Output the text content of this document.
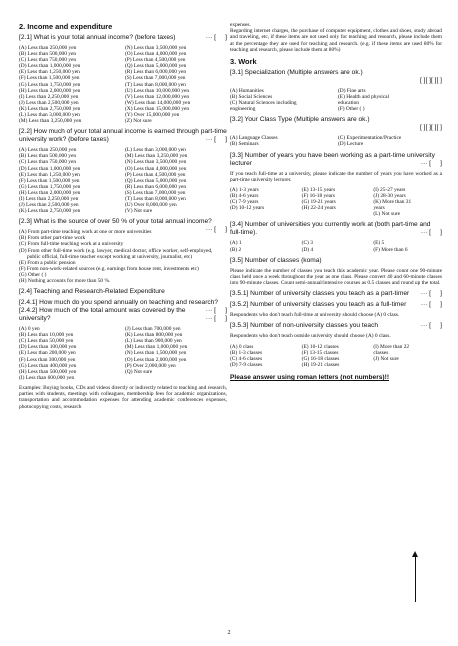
2. Income and expenditure
[2.1] What is your total annual income? (before taxes)	··· [     ]
(A) Less than 250,000 yen	(N) Less than 3,500,000 yen
(B) Less than 500,000 yen	(O) Less than 4,000,000 yen
(C) Less than 750,000 yen	(P) Less than 4,500,000 yen
(D) Less than 1,000,000 yen	(Q) Less than 5,000,000 yen
(E) Less than 1,250,000 yen	(R) Less than 6,000,000 yen
(F) Less than 1,500,000 yen	(S) Less than 7,000,000 yen
(G) Less than 1,750,000 yen	(T) Less than 8,000,000 yen
(H) Less than 2,000,000 yen	(U) Less than 10,000,000 yen
(I) Less than 2,250,000 yen	(V) Less than 12,000,000 yen
(J) Less than 2,500,000 yen	(W) Less than 14,000,000 yen
(K) Less than 2,750,000 yen	(X) Less than 15,000,000 yen
(L) Less than 3,000,000 yen	(Y) Over 15,000,000 yen
(M) Less than 3,250,000 yen	(Z) Not sure
[2.2] How much of your total annual income is earned through part-time university work? (before taxes)	··· [     ]
(A) Less than 250,000 yen	(L) Less than 3,000,000 yen
(B) Less than 500,000 yen	(M) Less than 3,250,000 yen
(C) Less than 750,000 yen	(N) Less than 3,500,000 yen
(D) Less than 1,000,000 yen	(O) Less than 4,000,000 yen
(E) Less than 1,250,000 yen	(P) Less than 4,500,000 yen
(F) Less than 1,500,000 yen	(Q) Less than 5,000,000 yen
(G) Less than 1,750,000 yen	(R) Less than 6,000,000 yen
(H) Less than 2,000,000 yen	(S) Less than 7,000,000 yen
(I) Less than 2,250,000 yen	(T) Less than 8,000,000 yen
(J) Less than 2,500,000 yen	(U) Over 8,000,000 yen
(K) Less than 2,750,000 yen	(V) Not sure
[2.3] What is the source of over 50 % of your total annual income?
··· [     ]
(A) From part-time teaching work at one or more universities
(B) From other part-time work
(C) From full-time teaching work at a university
(D) From other full-time work (e.g. lawyer, medical doctor, office worker, self-employed, public official, full-time teacher except working at university, journalist, etc)
(E) From a public pension
(F) From non-work-related sources (e.g. earnings from house rent, investments etc)
(G) Other ( )
(H) Nothing accounts for more than 50 %.
[2.4] Teaching and Research-Related Expenditure
[2.4.1] How much do you spend annually on teaching and research?
··· [     ]
[2.4.2] How much of the total amount was covered by the university?	··· [     ]
(A) 0 yen	(J) Less than 700,000 yen
(B) Less than 10,000 yen	(K) Less than 800,000 yen
(C) Less than 50,000 yen	(L) Less than 900,000 yen
(D) Less than 100,000 yen	(M) Less than 1,000,000 yen
(E) Less than 200,000 yen	(N) Less than 1,500,000 yen
(F) Less than 300,000 yen	(O) Less than 2,000,000 yen
(G) Less than 400,000 yen	(P) Over 2,000,000 yen
(H) Less than 500,000 yen	(Q) Not sure
(I) Less than 600,000 yen
Examples: Buying books, CDs and videos directly or indirectly related to teaching and research, parties with students, meetings with colleagues, membership fees for academic organizations, transportation and accommodation expenses for attending academic conferences expenses, photocopying costs, research
expenses.
Regarding internet charges, the purchase of computer equipment, clothes and shoes, study abroad and traveling, etc, if these items are not used only for teaching and research, please include them at the percentage they are used for teaching and research. (e.g. if these items are used 80% for teaching and research, please include them at 80%)
3. Work
[3.1] Specialization (Multiple answers are ok.)
[ ][ ][ ][ ]
(A) Humanities	(D) Fine arts
(B) Social Sciences	(E) Health and physical
(C) Natural Sciences including	education
engineering	(F) Other ( )
[3.2] Your Class Type (Multiple answers are ok.)
[ ][ ][ ][ ]
(A) Language Classes	(C) Experimentation/Practice
(B) Seminars	(D) Lecture
[3.3] Number of years you have been working as a part-time university lecturer	··· [     ]
If you teach full-time at a university, please indicate the number of years you have worked as a part-time university lecturer.
(A) 1-3 years	(E) 13-15 years	(I) 25-27 years
(B) 4-6 years	(F) 16-18 years	(J) 28-30 years
(C) 7-9 years	(G) 19-21 years	(K) More than 31
(D) 10-12 years	(H) 22-24 years	years
(L) Not sure
[3.4] Number of universities you currently work at (both part-time and full-time).	··· [     ]
(A) 1	(C) 3	(E) 5
(B) 2	(D) 4	(F) More than 6
[3.5] Number of classes (koma)
Please indicate the number of classes you teach this academic year. Please count one 90-minute class held once a week throughout the year as one class. Please convert 40 and 60-minute classes into 90-minute classes. Count semi-annual/intensive courses as 0.5 classes and round up the total.
[3.5.1] Number of university classes you teach as a part-timer ··· [     ]
[3.5.2] Number of university classes you teach as a full-timer ··· [     ]
Respondents who don't teach full-time at university should choose (A) 0 class.
[3.5.3] Number of non-university classes you teach	··· [     ]
Respondents who don't teach outside university should choose (A) 0 class.
(A) 0 class	(E) 10-12 classes	(I) More than 22
(B) 1-3 classes	(F) 13-15 classes	classes
(C) 4-6 classes	(G) 16-18 classes	(J) Not sure
(D) 7-9 classes	(H) 19-21 classes
Please answer using roman letters (not numbers)!!
2
